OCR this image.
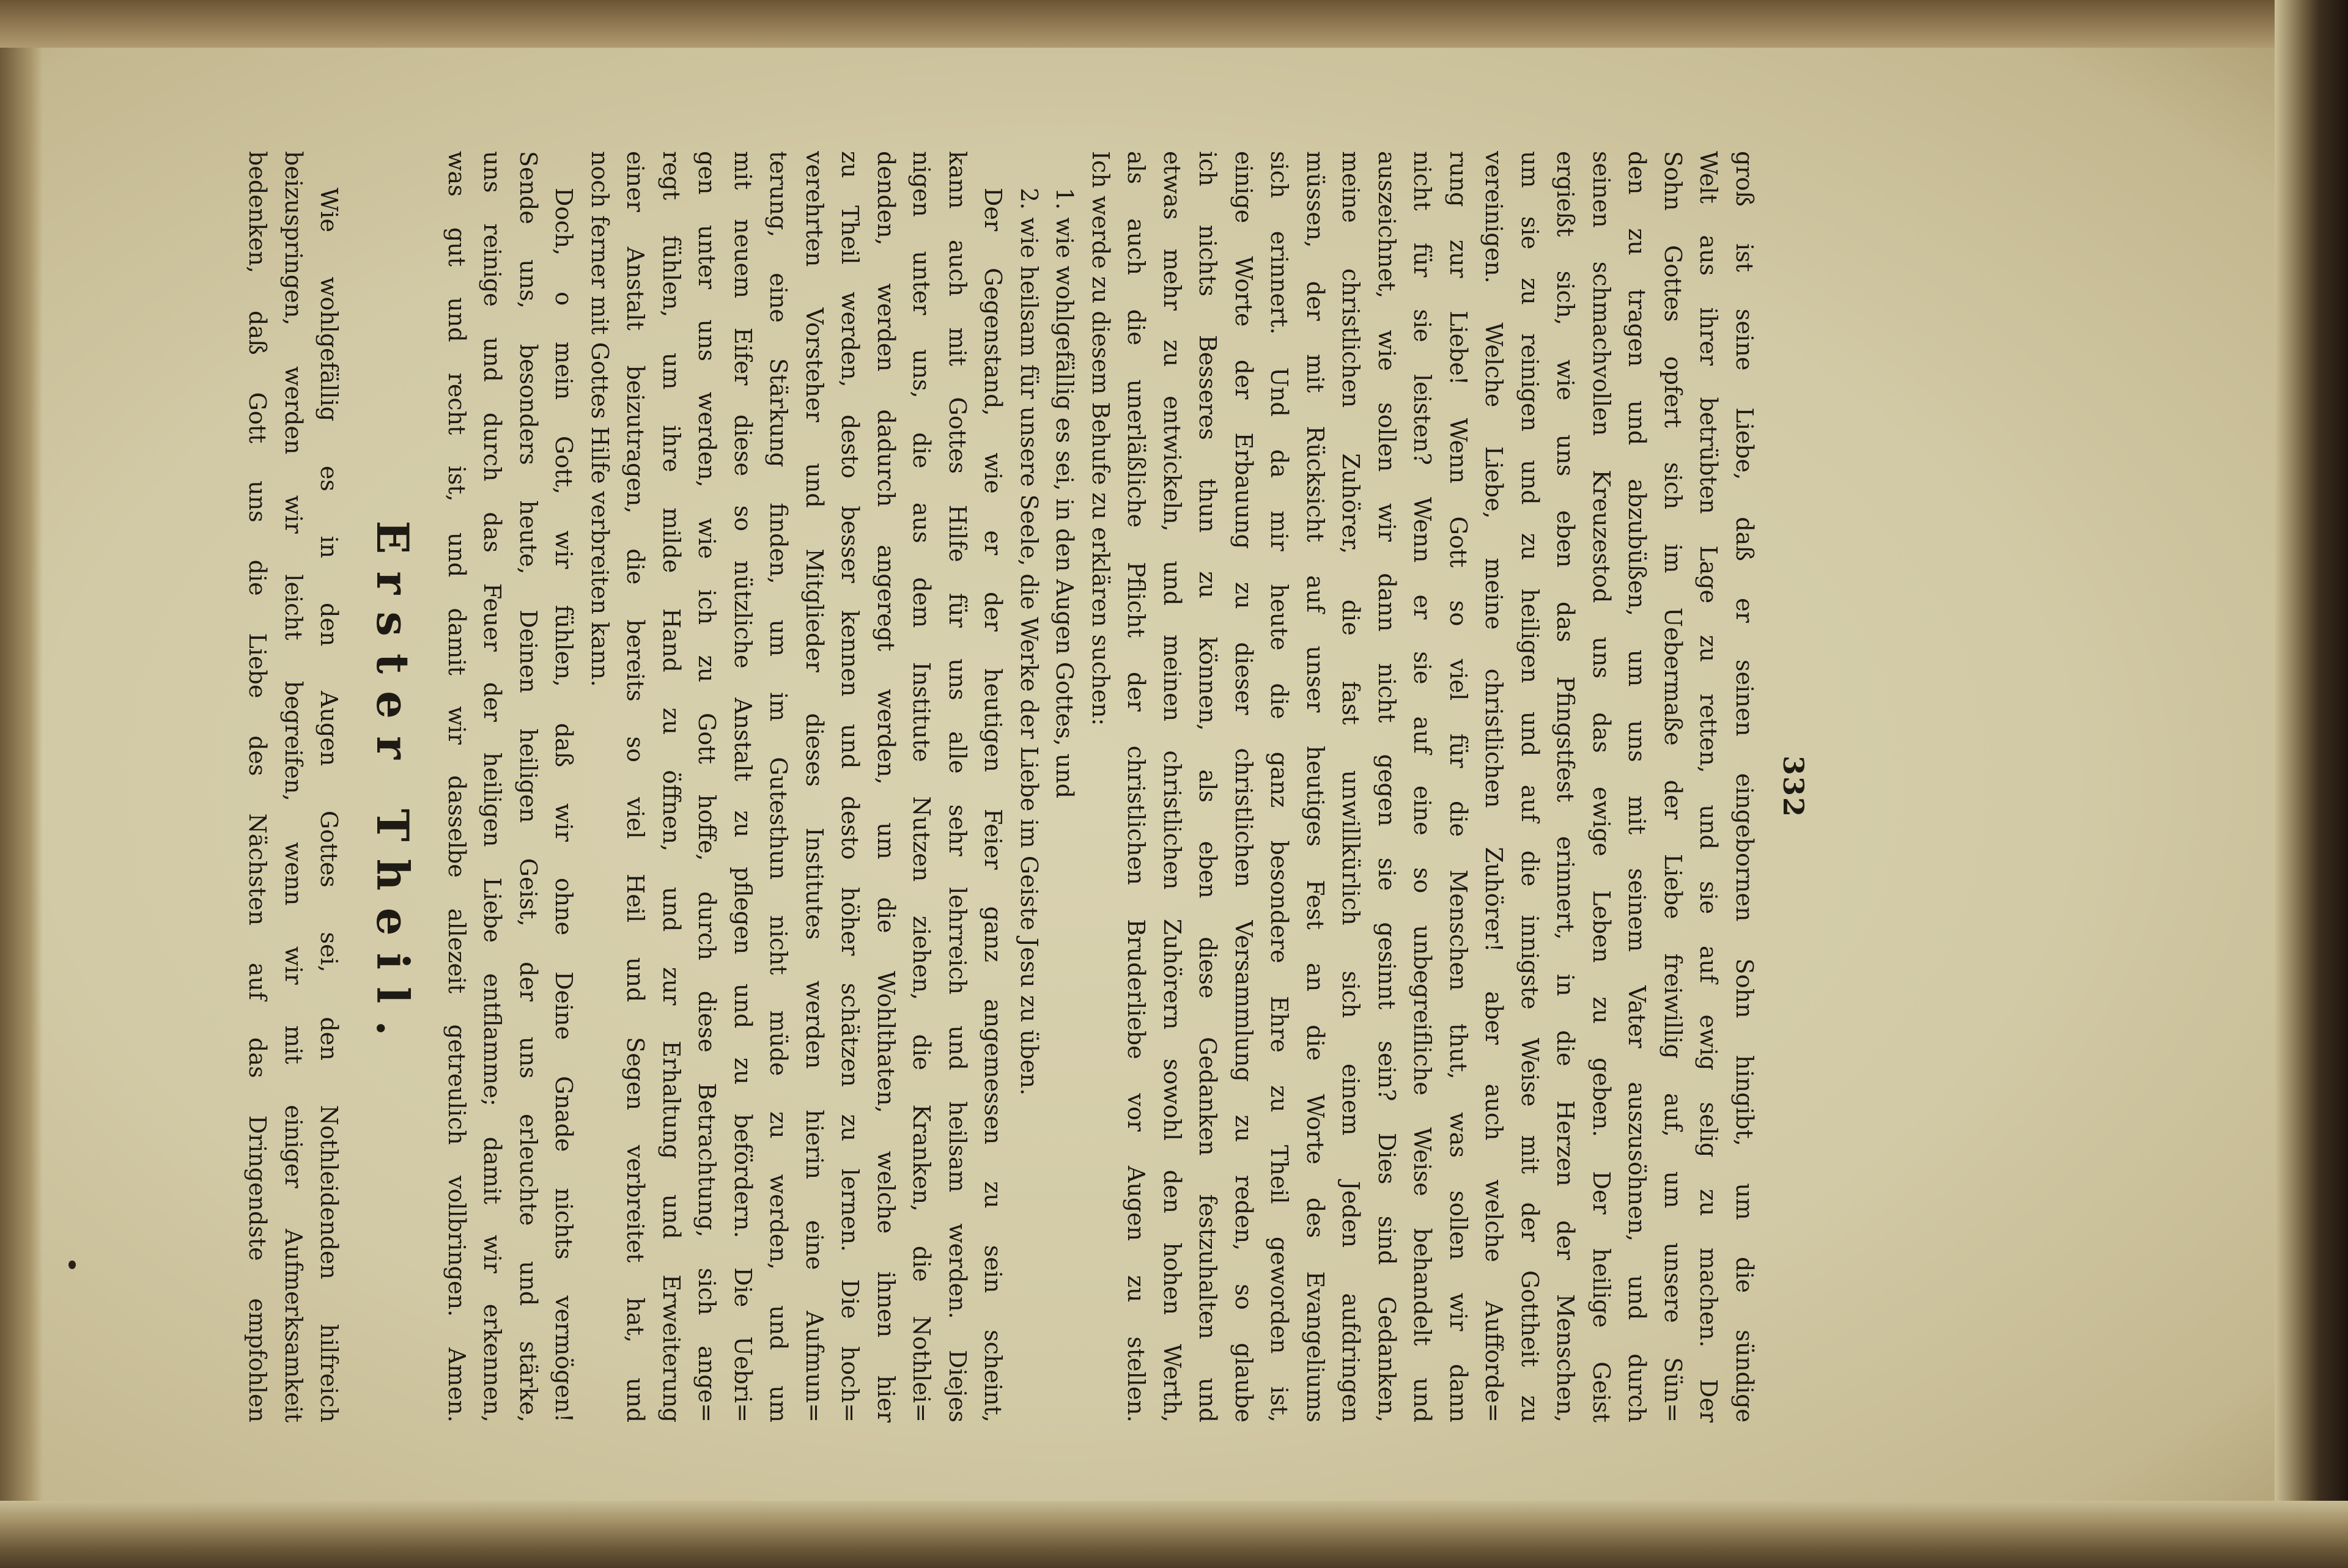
332
groß ist seine Liebe, daß er seinen eingebornen Sohn hingibt, um die sündige
Welt aus ihrer betrübten Lage zu retten, und sie auf ewig selig zu machen. Der
Sohn Gottes opfert sich im Uebermaße der Liebe freiwillig auf, um unsere Sün=
den zu tragen und abzubüßen, um uns mit seinem Vater auszusöhnen, und durch
seinen schmachvollen Kreuzestod uns das ewige Leben zu geben. Der heilige Geist
ergießt sich, wie uns eben das Pfingstfest erinnert, in die Herzen der Menschen,
um sie zu reinigen und zu heiligen und auf die innigste Weise mit der Gottheit zu
vereinigen. Welche Liebe, meine christlichen Zuhörer! aber auch welche Aufforde=
rung zur Liebe! Wenn Gott so viel für die Menschen thut, was sollen wir dann
nicht für sie leisten? Wenn er sie auf eine so unbegreifliche Weise behandelt und
auszeichnet, wie sollen wir dann nicht gegen sie gesinnt sein? Dies sind Gedanken,
meine christlichen Zuhörer, die fast unwillkürlich sich einem Jeden aufdringen
müssen, der mit Rücksicht auf unser heutiges Fest an die Worte des Evangeliums
sich erinnert. Und da mir heute die ganz besondere Ehre zu Theil geworden ist,
einige Worte der Erbauung zu dieser christlichen Versammlung zu reden, so glaube
ich nichts Besseres thun zu können, als eben diese Gedanken festzuhalten und
etwas mehr zu entwickeln, und meinen christlichen Zuhörern sowohl den hohen Werth,
als auch die unerläßliche Pflicht der christlichen Bruderliebe vor Augen zu stellen.
Ich werde zu diesem Behufe zu erklären suchen:
1. wie wohlgefällig es sei, in den Augen Gottes, und
2. wie heilsam für unsere Seele, die Werke der Liebe im Geiste Jesu zu üben.
Der Gegenstand, wie er der heutigen Feier ganz angemessen zu sein scheint,
kann auch mit Gottes Hilfe für uns alle sehr lehrreich und heilsam werden. Diejes
nigen unter uns, die aus dem Institute Nutzen ziehen, die Kranken, die Nothlei=
denden, werden dadurch angeregt werden, um die Wohlthaten, welche ihnen hier
zu Theil werden, desto besser kennen und desto höher schätzen zu lernen. Die hoch=
verehrten Vorsteher und Mitglieder dieses Institutes werden hierin eine Aufmun=
terung, eine Stärkung finden, um im Gutesthun nicht müde zu werden, und um
mit neuem Eifer diese so nützliche Anstalt zu pflegen und zu befördern. Die Uebri=
gen unter uns werden, wie ich zu Gott hoffe, durch diese Betrachtung, sich ange=
regt fühlen, um ihre milde Hand zu öffnen, und zur Erhaltung und Erweiterung
einer Anstalt beizutragen, die bereits so viel Heil und Segen verbreitet hat, und
noch ferner mit Gottes Hilfe verbreiten kann.
Doch, o mein Gott, wir fühlen, daß wir ohne Deine Gnade nichts vermögen!
Sende uns, besonders heute, Deinen heiligen Geist, der uns erleuchte und stärke,
uns reinige und durch das Feuer der heiligen Liebe entflamme; damit wir erkennen,
was gut und recht ist, und damit wir dasselbe allezeit getreulich vollbringen. Amen.
Erster Theil.
Wie wohlgefällig es in den Augen Gottes sei, den Nothleidenden hilfreich
beizuspringen, werden wir leicht begreifen, wenn wir mit einiger Aufmerksamkeit
bedenken, daß Gott uns die Liebe des Nächsten auf das Dringendste empfohlen
